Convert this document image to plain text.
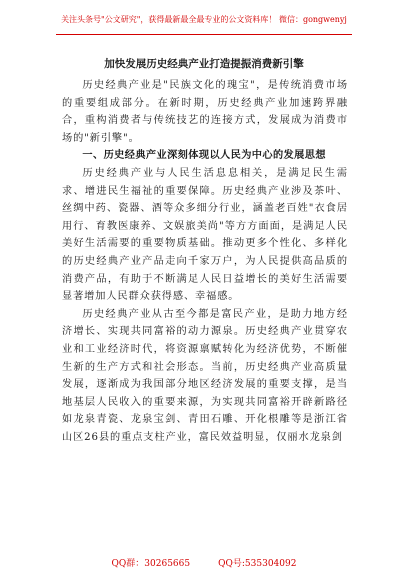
关注头条号"公文研究"，获得最新最全最专业的公文资料库！ 微信：gongwenyj
加快发展历史经典产业打造提振消费新引擎

历史经典产业是"民族文化的瑰宝"，是传统消费市场的重要组成部分。在新时期，历史经典产业加速跨界融合，重构消费者与传统技艺的连接方式，发展成为消费市场的"新引擎"。

一、历史经典产业深刻体现以人民为中心的发展思想

历史经典产业与人民生活息息相关，是满足民生需求、增进民生福祉的重要保障。历史经典产业涉及茶叶、丝绸中药、瓷器、酒等众多细分行业，涵盖老百姓"衣食居用行、育教医康养、文娱旅美尚"等方方面面，是满足人民美好生活需要的重要物质基础。推动更多个性化、多样化的历史经典产业产品走向千家万户，为人民提供高品质的消费产品，有助于不断满足人民日益增长的美好生活需要显著增加人民群众获得感、幸福感。

历史经典产业从古至今都是富民产业，是助力地方经济增长、实现共同富裕的动力源泉。历史经典产业贯穿农业和工业经济时代，将资源禀赋转化为经济优势，不断催生新的生产方式和社会形态。当前，历史经典产业高质量发展，逐渐成为我国部分地区经济发展的重要支撑，是当地基层人民收入的重要来源，为实现共同富裕开辟新路径如龙泉青瓷、龙泉宝剑、青田石雕、开化根雕等是浙江省山区26县的重点支柱产业，富民效益明显，仅丽水龙泉剑

QQ群：30265665	QQ号:535304092
